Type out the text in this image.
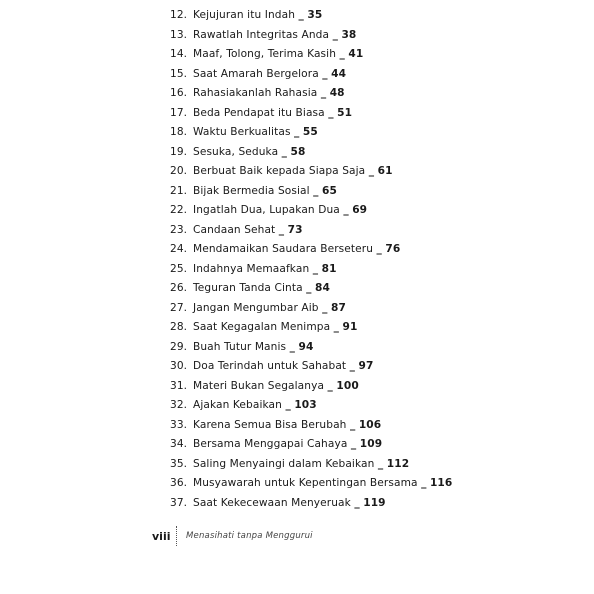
12. Kejujuran itu Indah _ 35
13. Rawatlah Integritas Anda _ 38
14. Maaf, Tolong, Terima Kasih _ 41
15. Saat Amarah Bergelora _ 44
16. Rahasiakanlah Rahasia _ 48
17. Beda Pendapat itu Biasa _ 51
18. Waktu Berkualitas _ 55
19. Sesuka, Seduka _ 58
20. Berbuat Baik kepada Siapa Saja _ 61
21. Bijak Bermedia Sosial _ 65
22. Ingatlah Dua, Lupakan Dua _ 69
23. Candaan Sehat _ 73
24. Mendamaikan Saudara Berseteru _ 76
25. Indahnya Memaafkan _ 81
26. Teguran Tanda Cinta _ 84
27. Jangan Mengumbar Aib _ 87
28. Saat Kegagalan Menimpa _ 91
29. Buah Tutur Manis _ 94
30. Doa Terindah untuk Sahabat _ 97
31. Materi Bukan Segalanya _ 100
32. Ajakan Kebaikan _ 103
33. Karena Semua Bisa Berubah _ 106
34. Bersama Menggapai Cahaya _ 109
35. Saling Menyaingi dalam Kebaikan _ 112
36. Musyawarah untuk Kepentingan Bersama _ 116
37. Saat Kekecewaan Menyeruak _ 119
viii	Menasihati tanpa Menggurui
